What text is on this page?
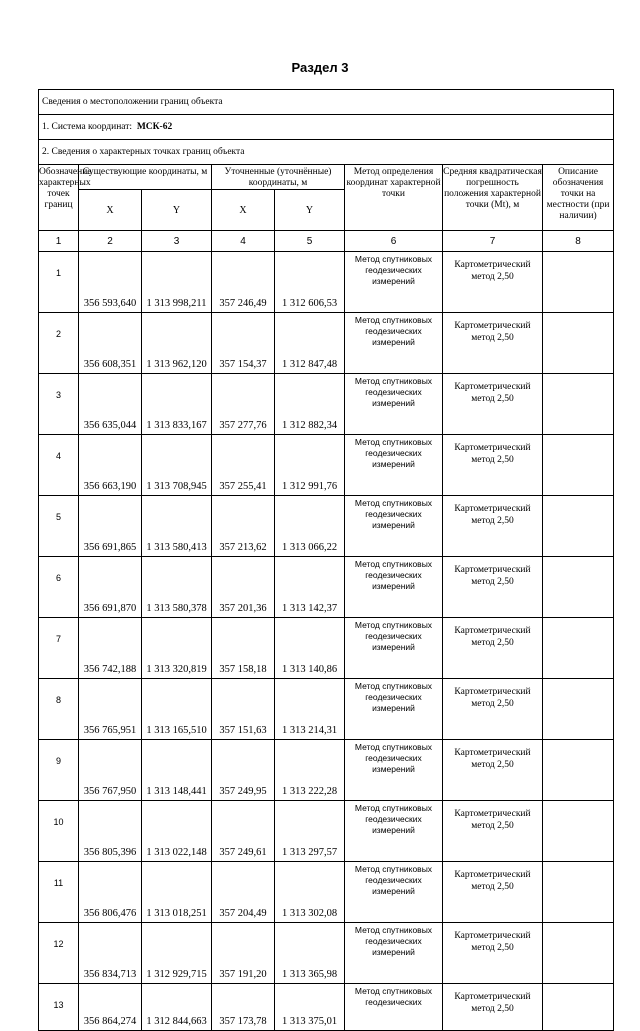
Раздел 3
Сведения о местоположении границ объекта							
1. Система координат: МСК-62							
2. Сведения о характерных точках границ объекта							
Обозначение характерных точек границ	Существующие координаты, м		Уточненные (уточнённые) координаты, м		Метод определения координат характерной точки	Средняя квадратическая погрешность положения характерной точки (Mt), м	Описание обозначения точки на местности (при наличии)
	X	Y	X	Y			
1	2	3	4	5	6	7	8
1	356 593,640	1 313 998,211	357 246,49	1 312 606,53	Метод спутниковых геодезических измерений	Картометрический метод 2,50	
2	356 608,351	1 313 962,120	357 154,37	1 312 847,48	Метод спутниковых геодезических измерений	Картометрический метод 2,50	
3	356 635,044	1 313 833,167	357 277,76	1 312 882,34	Метод спутниковых геодезических измерений	Картометрический метод 2,50	
4	356 663,190	1 313 708,945	357 255,41	1 312 991,76	Метод спутниковых геодезических измерений	Картометрический метод 2,50	
5	356 691,865	1 313 580,413	357 213,62	1 313 066,22	Метод спутниковых геодезических измерений	Картометрический метод 2,50	
6	356 691,870	1 313 580,378	357 201,36	1 313 142,37	Метод спутниковых геодезических измерений	Картометрический метод 2,50	
7	356 742,188	1 313 320,819	357 158,18	1 313 140,86	Метод спутниковых геодезических измерений	Картометрический метод 2,50	
8	356 765,951	1 313 165,510	357 151,63	1 313 214,31	Метод спутниковых геодезических измерений	Картометрический метод 2,50	
9	356 767,950	1 313 148,441	357 249,95	1 313 222,28	Метод спутниковых геодезических измерений	Картометрический метод 2,50	
10	356 805,396	1 313 022,148	357 249,61	1 313 297,57	Метод спутниковых геодезических измерений	Картометрический метод 2,50	
11	356 806,476	1 313 018,251	357 204,49	1 313 302,08	Метод спутниковых геодезических измерений	Картометрический метод 2,50	
12	356 834,713	1 312 929,715	357 191,20	1 313 365,98	Метод спутниковых геодезических измерений	Картометрический метод 2,50	
13	356 864,274	1 312 844,663	357 173,78	1 313 375,01	Метод спутниковых геодезических	Картометрический метод 2,50	
